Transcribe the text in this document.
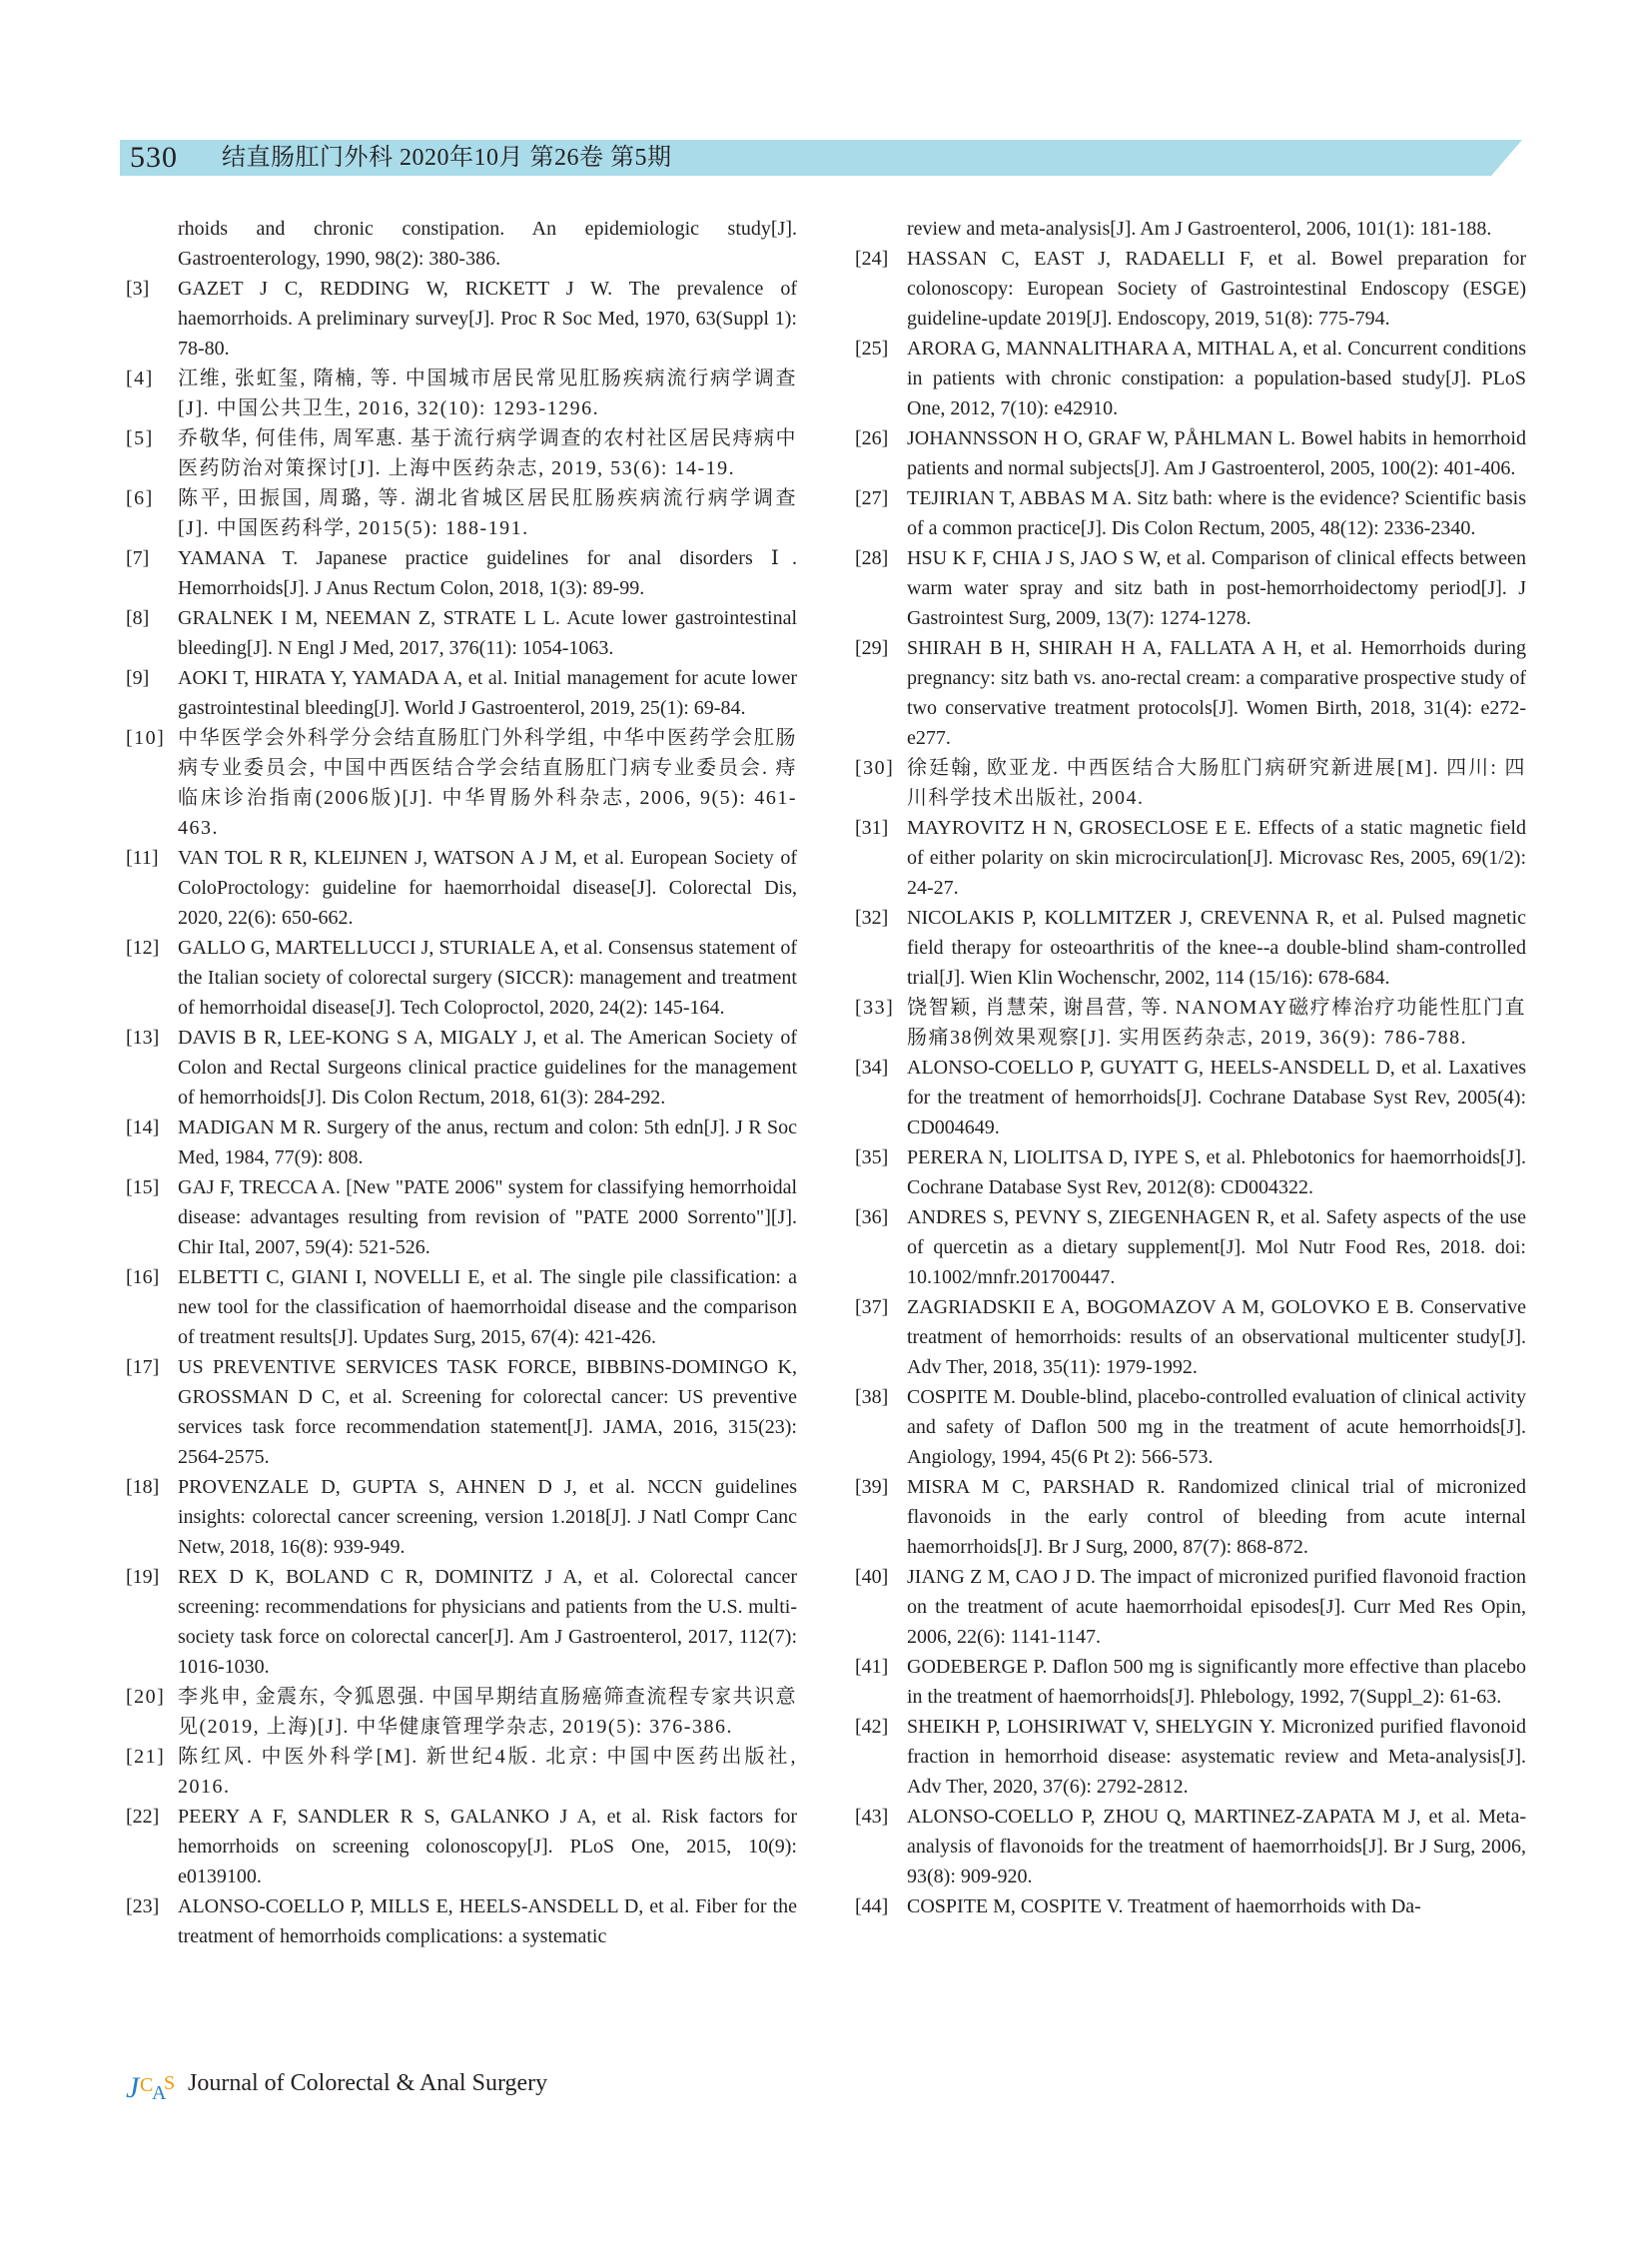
530 结直肠肛门外科 2020年10月 第26卷 第5期
rhoids and chronic constipation. An epidemiologic study[J]. Gastroenterology, 1990, 98(2): 380-386.
[3] GAZET J C, REDDING W, RICKETT J W. The prevalence of haemorrhoids. A preliminary survey[J]. Proc R Soc Med, 1970, 63(Suppl 1): 78-80.
[4] 江维, 张虹玺, 隋楠, 等. 中国城市居民常见肛肠疾病流行病学调查[J]. 中国公共卫生, 2016, 32(10): 1293-1296.
[5] 乔敬华, 何佳伟, 周军惠. 基于流行病学调查的农村社区居民痔病中医药防治对策探讨[J]. 上海中医药杂志, 2019, 53(6): 14-19.
[6] 陈平, 田振国, 周璐, 等. 湖北省城区居民肛肠疾病流行病学调查[J]. 中国医药科学, 2015(5): 188-191.
[7] YAMANA T. Japanese practice guidelines for anal disorders Ⅰ. Hemorrhoids[J]. J Anus Rectum Colon, 2018, 1(3): 89-99.
[8] GRALNEK I M, NEEMAN Z, STRATE L L. Acute lower gastrointestinal bleeding[J]. N Engl J Med, 2017, 376(11): 1054-1063.
[9] AOKI T, HIRATA Y, YAMADA A, et al. Initial management for acute lower gastrointestinal bleeding[J]. World J Gastroenterol, 2019, 25(1): 69-84.
[10] 中华医学会外科学分会结直肠肛门外科学组, 中华中医药学会肛肠病专业委员会, 中国中西医结合学会结直肠肛门病专业委员会. 痔临床诊治指南(2006版)[J]. 中华胃肠外科杂志, 2006, 9(5): 461-463.
[11] VAN TOL R R, KLEIJNEN J, WATSON A J M, et al. European Society of ColoProctology: guideline for haemorrhoidal disease[J]. Colorectal Dis, 2020, 22(6): 650-662.
[12] GALLO G, MARTELLUCCI J, STURIALE A, et al. Consensus statement of the Italian society of colorectal surgery (SICCR): management and treatment of hemorrhoidal disease[J]. Tech Coloproctol, 2020, 24(2): 145-164.
[13] DAVIS B R, LEE-KONG S A, MIGALY J, et al. The American Society of Colon and Rectal Surgeons clinical practice guidelines for the management of hemorrhoids[J]. Dis Colon Rectum, 2018, 61(3): 284-292.
[14] MADIGAN M R. Surgery of the anus, rectum and colon: 5th edn[J]. J R Soc Med, 1984, 77(9): 808.
[15] GAJ F, TRECCA A. [New "PATE 2006" system for classifying hemorrhoidal disease: advantages resulting from revision of "PATE 2000 Sorrento"][J]. Chir Ital, 2007, 59(4): 521-526.
[16] ELBETTI C, GIANI I, NOVELLI E, et al. The single pile classification: a new tool for the classification of haemorrhoidal disease and the comparison of treatment results[J]. Updates Surg, 2015, 67(4): 421-426.
[17] US PREVENTIVE SERVICES TASK FORCE, BIBBINS-DOMINGO K, GROSSMAN D C, et al. Screening for colorectal cancer: US preventive services task force recommendation statement[J]. JAMA, 2016, 315(23): 2564-2575.
[18] PROVENZALE D, GUPTA S, AHNEN D J, et al. NCCN guidelines insights: colorectal cancer screening, version 1.2018[J]. J Natl Compr Canc Netw, 2018, 16(8): 939-949.
[19] REX D K, BOLAND C R, DOMINITZ J A, et al. Colorectal cancer screening: recommendations for physicians and patients from the U.S. multi- society task force on colorectal cancer[J]. Am J Gastroenterol, 2017, 112(7): 1016-1030.
[20] 李兆申, 金震东, 令狐恩强. 中国早期结直肠癌筛查流程专家共识意见(2019, 上海)[J]. 中华健康管理学杂志, 2019(5): 376-386.
[21] 陈红风. 中医外科学[M]. 新世纪4版. 北京: 中国中医药出版社, 2016.
[22] PEERY A F, SANDLER R S, GALANKO J A, et al. Risk factors for hemorrhoids on screening colonoscopy[J]. PLoS One, 2015, 10(9): e0139100.
[23] ALONSO-COELLO P, MILLS E, HEELS-ANSDELL D, et al. Fiber for the treatment of hemorrhoids complications: a systematic
review and meta-analysis[J]. Am J Gastroenterol, 2006, 101(1): 181-188.
[24] HASSAN C, EAST J, RADAELLI F, et al. Bowel preparation for colonoscopy: European Society of Gastrointestinal Endoscopy (ESGE) guideline-update 2019[J]. Endoscopy, 2019, 51(8): 775-794.
[25] ARORA G, MANNALITHARA A, MITHAL A, et al. Concurrent conditions in patients with chronic constipation: a population-based study[J]. PLoS One, 2012, 7(10): e42910.
[26] JOHANNSSON H O, GRAF W, PÅHLMAN L. Bowel habits in hemorrhoid patients and normal subjects[J]. Am J Gastroenterol, 2005, 100(2): 401-406.
[27] TEJIRIAN T, ABBAS M A. Sitz bath: where is the evidence? Scientific basis of a common practice[J]. Dis Colon Rectum, 2005, 48(12): 2336-2340.
[28] HSU K F, CHIA J S, JAO S W, et al. Comparison of clinical effects between warm water spray and sitz bath in post-hemorrhoidectomy period[J]. J Gastrointest Surg, 2009, 13(7): 1274-1278.
[29] SHIRAH B H, SHIRAH H A, FALLATA A H, et al. Hemorrhoids during pregnancy: sitz bath vs. ano-rectal cream: a comparative prospective study of two conservative treatment protocols[J]. Women Birth, 2018, 31(4): e272-e277.
[30] 徐廷翰, 欧亚龙. 中西医结合大肠肛门病研究新进展[M]. 四川: 四川科学技术出版社, 2004.
[31] MAYROVITZ H N, GROSECLOSE E E. Effects of a static magnetic field of either polarity on skin microcirculation[J]. Microvasc Res, 2005, 69(1/2): 24-27.
[32] NICOLAKIS P, KOLLMITZER J, CREVENNA R, et al. Pulsed magnetic field therapy for osteoarthritis of the knee--a double-blind sham-controlled trial[J]. Wien Klin Wochenschr, 2002, 114 (15/16): 678-684.
[33] 饶智颖, 肖慧荣, 谢昌营, 等. NANOMAY磁疗棒治疗功能性肛门直肠痛38例效果观察[J]. 实用医药杂志, 2019, 36(9): 786-788.
[34] ALONSO-COELLO P, GUYATT G, HEELS-ANSDELL D, et al. Laxatives for the treatment of hemorrhoids[J]. Cochrane Database Syst Rev, 2005(4): CD004649.
[35] PERERA N, LIOLITSA D, IYPE S, et al. Phlebotonics for haemorrhoids[J]. Cochrane Database Syst Rev, 2012(8): CD004322.
[36] ANDRES S, PEVNY S, ZIEGENHAGEN R, et al. Safety aspects of the use of quercetin as a dietary supplement[J]. Mol Nutr Food Res, 2018. doi: 10.1002/mnfr.201700447.
[37] ZAGRIADSKII E A, BOGOMAZOV A M, GOLOVKO E B. Conservative treatment of hemorrhoids: results of an observational multicenter study[J]. Adv Ther, 2018, 35(11): 1979-1992.
[38] COSPITE M. Double-blind, placebo-controlled evaluation of clinical activity and safety of Daflon 500 mg in the treatment of acute hemorrhoids[J]. Angiology, 1994, 45(6 Pt 2): 566-573.
[39] MISRA M C, PARSHAD R. Randomized clinical trial of micronized flavonoids in the early control of bleeding from acute internal haemorrhoids[J]. Br J Surg, 2000, 87(7): 868-872.
[40] JIANG Z M, CAO J D. The impact of micronized purified flavonoid fraction on the treatment of acute haemorrhoidal episodes[J]. Curr Med Res Opin, 2006, 22(6): 1141-1147.
[41] GODEBERGE P. Daflon 500 mg is significantly more effective than placebo in the treatment of haemorrhoids[J]. Phlebology, 1992, 7(Suppl_2): 61-63.
[42] SHEIKH P, LOHSIRIWAT V, SHELYGIN Y. Micronized purified flavonoid fraction in hemorrhoid disease: asystematic review and Meta-analysis[J]. Adv Ther, 2020, 37(6): 2792-2812.
[43] ALONSO-COELLO P, ZHOU Q, MARTINEZ-ZAPATA M J, et al. Meta-analysis of flavonoids for the treatment of haemorrhoids[J]. Br J Surg, 2006, 93(8): 909-920.
[44] COSPITE M, COSPITE V. Treatment of haemorrhoids with Da-
J C
A
S Journal of Colorectal & Anal Surgery
